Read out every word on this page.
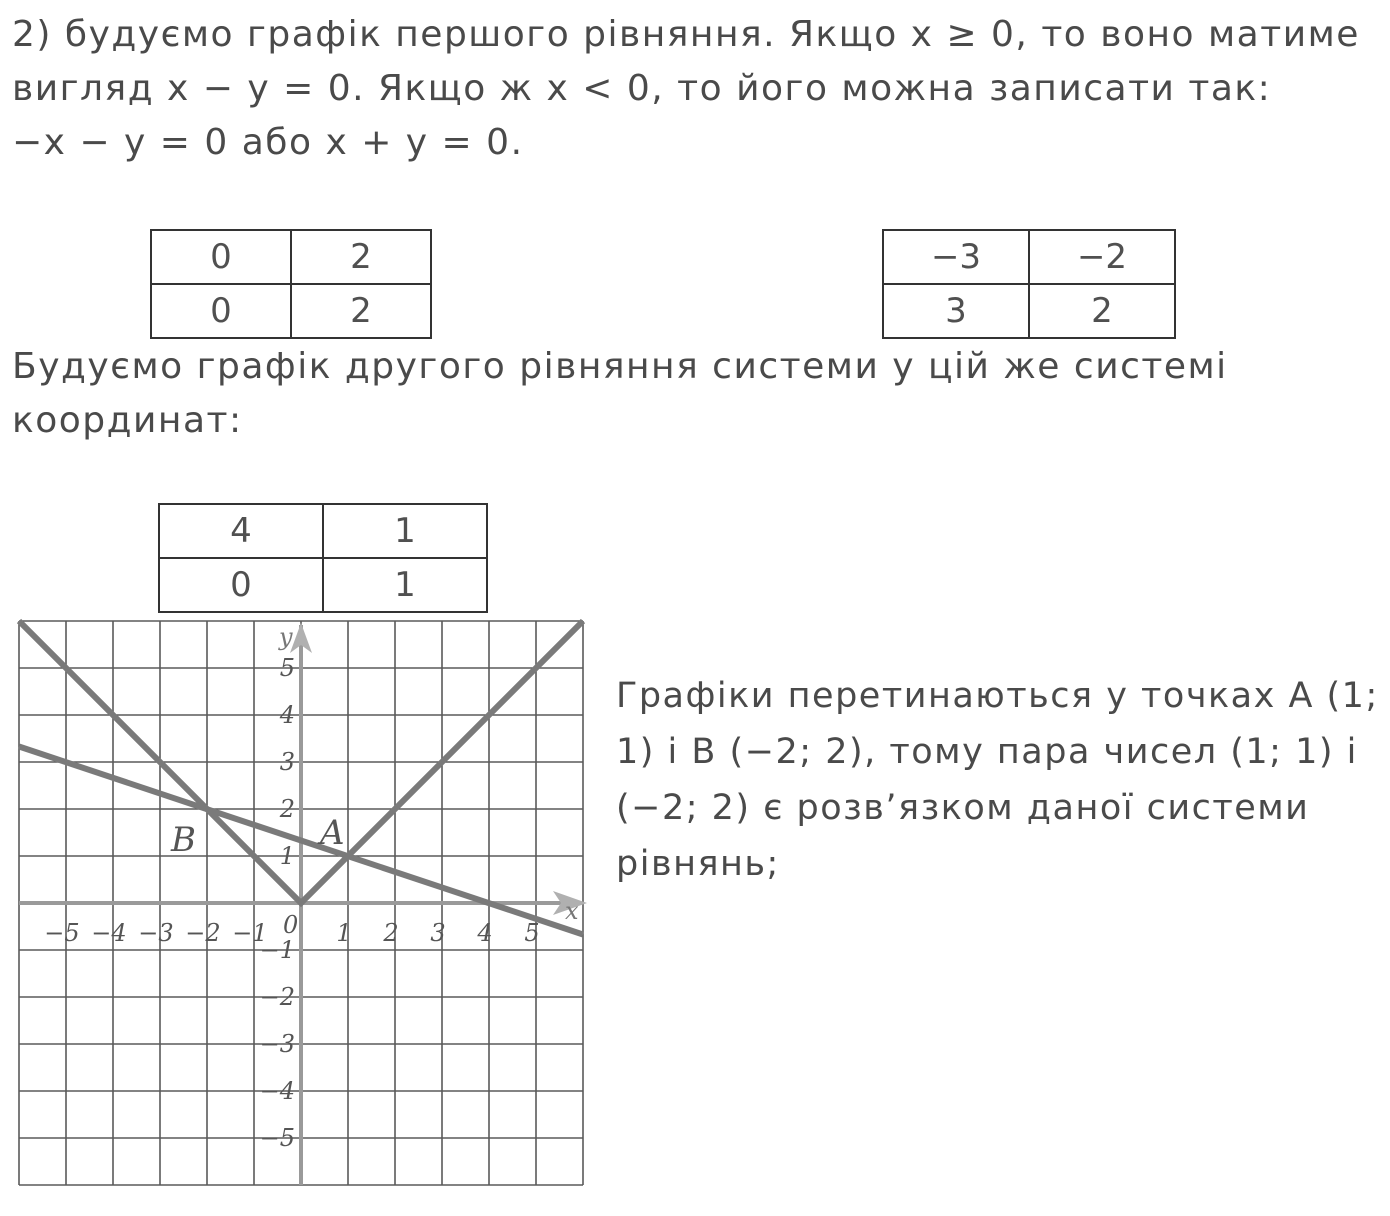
2) будуємо графік першого рівняння. Якщо x ≥ 0, то воно матиме
вигляд x − y = 0. Якщо ж x < 0, то його можна записати так:
−x − y = 0 або x + y = 0.
0	2
0	2
−3	−2
3	2
Будуємо графік другого рівняння системи у цій же системі
координат:
4	1
0	1
−5 −4 −3 −2 −1	1 2 3 4 5
5
4
3
2
1
−1
−2
−3
−4
−5
A
B
x
y
0
Графіки перетинаються у точках A (1;
1) і B (−2; 2), тому пара чисел (1; 1) і
(−2; 2) є розв’язком даної системи
рівнянь;
